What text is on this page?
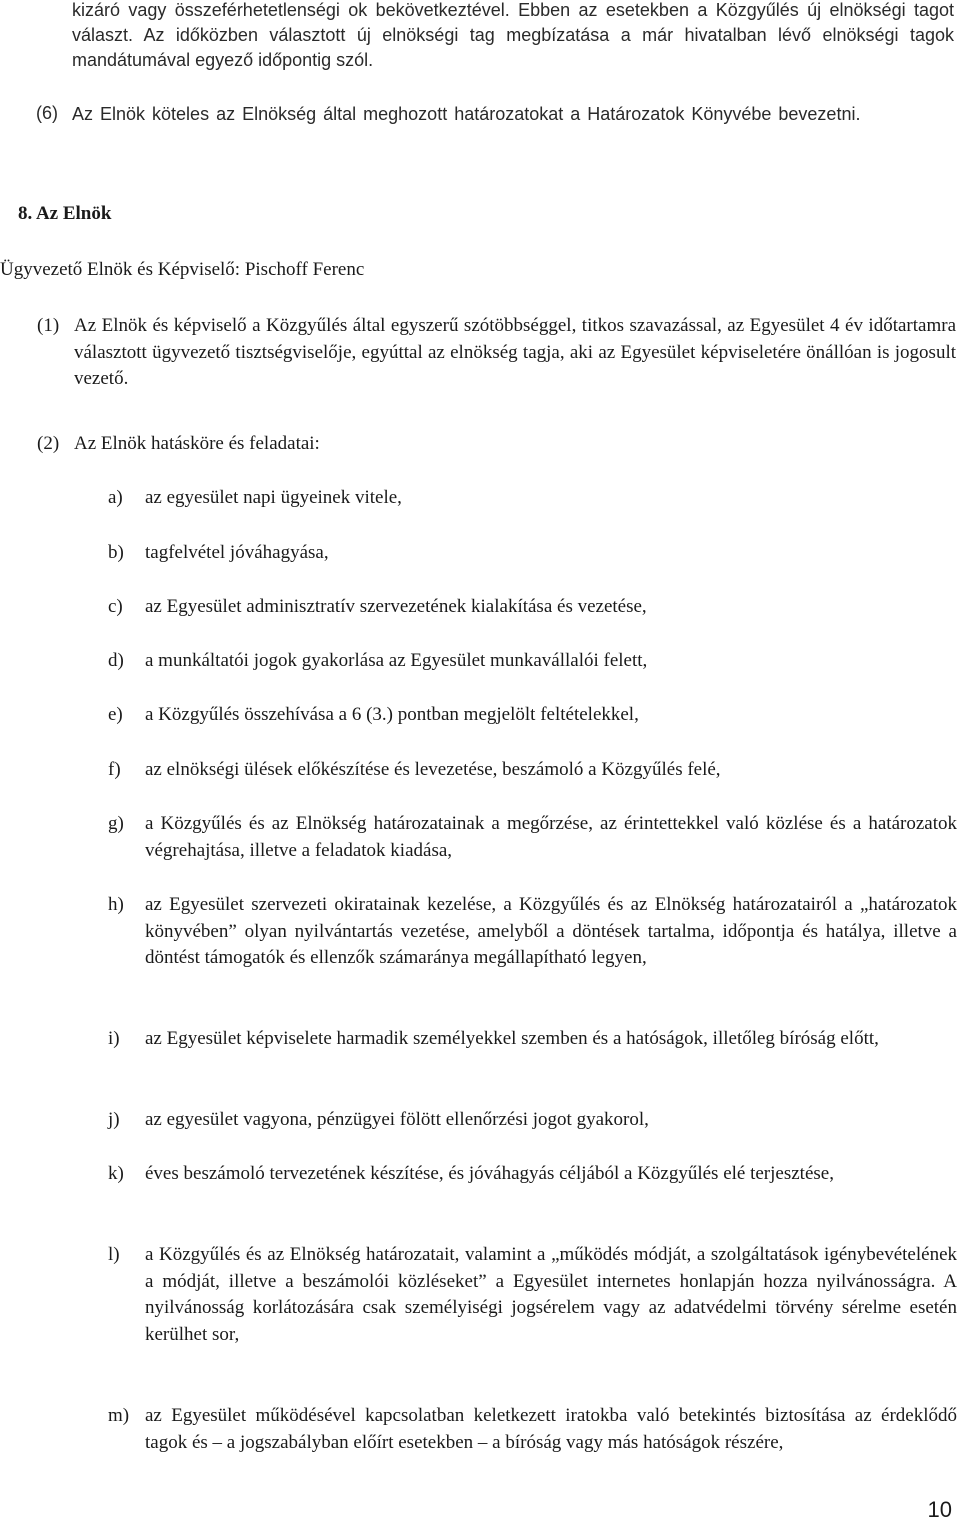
kizáró vagy összeférhetetlenségi ok bekövetkeztével. Ebben az esetekben a Közgyűlés új elnökségi tagot választ. Az időközben választott új elnökségi tag megbízatása a már hivatalban lévő elnökségi tagok mandátumával egyező időpontig szól.
(6) Az Elnök köteles az Elnökség által meghozott határozatokat a Határozatok Könyvébe bevezetni.
8. Az Elnök
Ügyvezető Elnök és Képviselő: Pischoff Ferenc
(1) Az Elnök és képviselő a Közgyűlés által egyszerű szótöbbséggel, titkos szavazással, az Egyesület 4 év időtartamra választott ügyvezető tisztségviselője, egyúttal az elnökség tagja, aki az Egyesület képviseletére önállóan is jogosult vezető.
(2) Az Elnök hatásköre és feladatai:
a) az egyesület napi ügyeinek vitele,
b) tagfelvétel jóváhagyása,
c) az Egyesület adminisztratív szervezetének kialakítása és vezetése,
d) a munkáltatói jogok gyakorlása az Egyesület munkavállalói felett,
e) a Közgyűlés összehívása a 6 (3.) pontban megjelölt feltételekkel,
f) az elnökségi ülések előkészítése és levezetése, beszámoló a Közgyűlés felé,
g) a Közgyűlés és az Elnökség határozatainak a megőrzése, az érintettekkel való közlése és a határozatok végrehajtása, illetve a feladatok kiadása,
h) az Egyesület szervezeti okiratainak kezelése, a Közgyűlés és az Elnökség határozatairól a „határozatok könyvében” olyan nyilvántartás vezetése, amelyből a döntések tartalma, időpontja és hatálya, illetve a döntést támogatók és ellenzők számaránya megállapítható legyen,
i) az Egyesület képviselete harmadik személyekkel szemben és a hatóságok, illetőleg bíróság előtt,
j) az egyesület vagyona, pénzügyei fölött ellenőrzési jogot gyakorol,
k) éves beszámoló tervezetének készítése, és jóváhagyás céljából a Közgyűlés elé terjesztése,
l) a Közgyűlés és az Elnökség határozatait, valamint a „működés módját, a szolgáltatások igénybevételének a módját, illetve a beszámolói közléseket” a Egyesület internetes honlapján hozza nyilvánosságra. A nyilvánosság korlátozására csak személyiségi jogsérelem vagy az adatvédelmi törvény sérelme esetén kerülhet sor,
m) az Egyesület működésével kapcsolatban keletkezett iratokba való betekintés biztosítása az érdeklődő tagok és – a jogszabályban előírt esetekben – a bíróság vagy más hatóságok részére,
10
